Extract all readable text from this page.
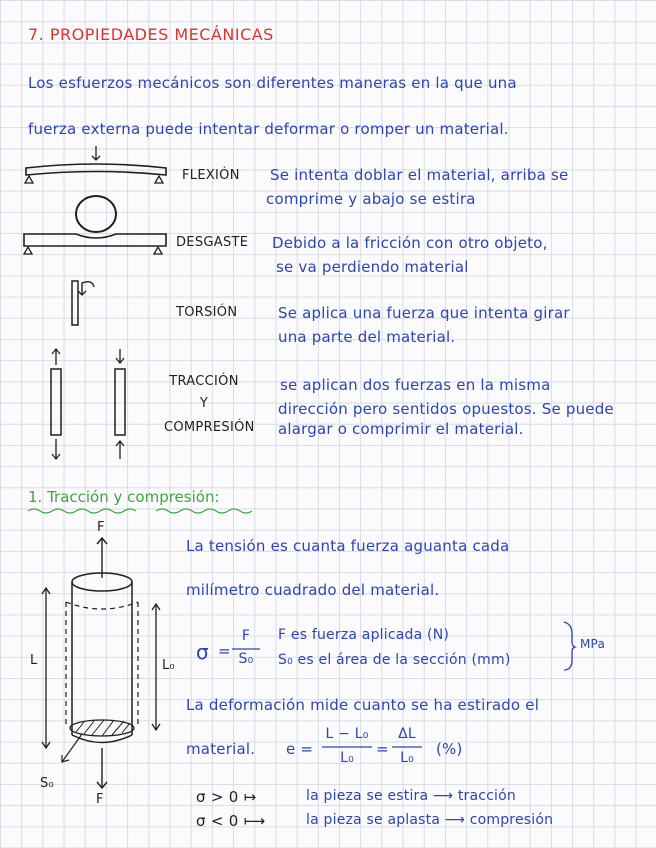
7. PROPIEDADES MECÁNICAS
Los esfuerzos mecánicos son diferentes maneras en la que una
fuerza externa puede intentar deformar o romper un material.
FLEXIÓN Se intenta doblar el material, arriba se
comprime y abajo se estira
DESGASTE Debido a la fricción con otro objeto,
se va perdiendo material
TORSIÓN	Se aplica una fuerza que intenta girar
una parte del material.
TRACCIÓN
Y
COMPRESIÓN
se aplican dos fuerzas en la misma
dirección pero sentidos opuestos. Se puede
alargar o comprimir el material.
1. Tracción y compresión:
F
L	L₀
S₀
F
La tensión es cuanta fuerza aguanta cada
milímetro cuadrado del material.
σ =
F
S₀
F es fuerza aplicada (N)
S₀ es el área de la sección (mm)
MPa
La deformación mide cuanto se ha estirado el
material. e =
L − L₀
L₀	=
ΔL
L₀	(%)
σ > 0 ↦	la pieza se estira ⟶ tracción
σ < 0 ⟼	la pieza se aplasta ⟶ compresión
